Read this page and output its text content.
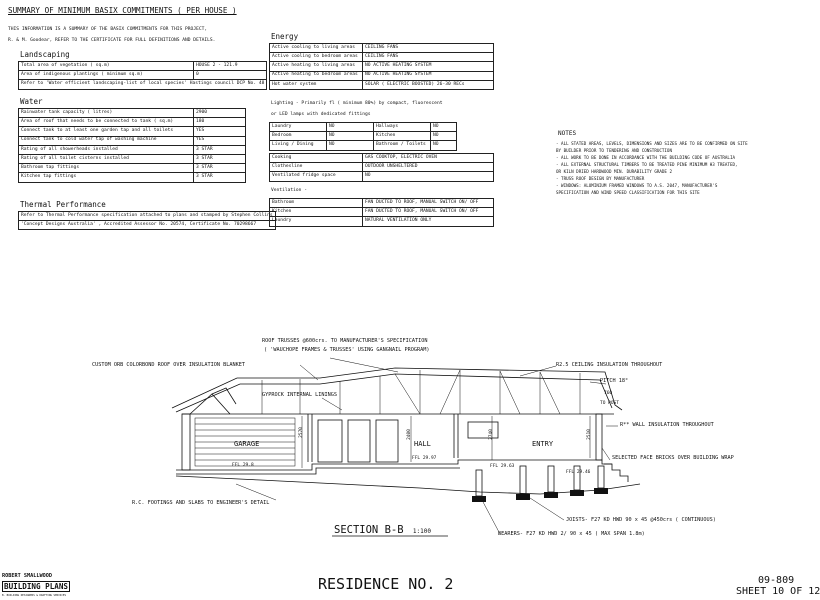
SUMMARY OF MINIMUM BASIX COMMITMENTS ( PER HOUSE )
THIS INFORMATION IS A SUMMARY OF THE BASIX COMMITMENTS FOR THIS PROJECT,
R. & M. Goodear, REFER TO THE CERTIFICATE FOR FULL DEFINITIONS AND DETAILS.
Landscaping
Total area of vegetation ( sq.m)	HOUSE 2 - 121.9
Area of indigenous plantings ( minimum sq.m)	0
Refer to 'Water efficient landscaping-list of local species' Hastings council DCP No. 48	
Water
Rainwater tank capacity ( litres)	2900
Area of roof that needs to be connected to tank ( sq.m)	180
Connect tank to at least one garden tap and all toilets	YES
Connect tank to cold water tap of washing machine	YES
Rating of all showerheads installed	3 STAR
Rating of all toilet cisterns installed	3 STAR
Bathroom tap fittings	3 STAR
Kitchen tap fittings	3 STAR
Thermal Performance
Refer to Thermal Performance specification attached to plans and stamped by Stephen Collins
'Concept Designs Australia' , Accredited Assessor No. 20574, Certificate No. 70298667
Energy
Active cooling to living areas	CEILING FANS
Active cooling to bedroom areas	CEILING FANS
Active heating to living areas	NO ACTIVE HEATING SYSTEM
Active heating to bedroom areas	NO ACTIVE HEATING SYSTEM
Hot water system	SOLAR ( ELECTRIC BOOSTED) 26-30 RECs
Lighting - Primarily fl ( minimum 80%) by compact, fluorescent
or LED lamps with dedicated fittings
Laundry	NO	Hallways	NO
Bedroom	NO	Kitchen	NO
Living / Dining	NO	Bathroom / Toilets	NO
Cooking	GAS COOKTOP, ELECTRIC OVEN
Clothesline	OUTDOOR UNSHELTERED
Ventilated fridge space	NO
Ventilation -
Bathroom	FAN DUCTED TO ROOF, MANUAL SWITCH ON/ OFF
Kitchen	FAN DUCTED TO ROOF, MANUAL SWITCH ON/ OFF
Laundry	NATURAL VENTILATION ONLY
NOTES
- ALL STATED AREAS, LEVELS, DIMENSIONS AND SIZES ARE TO BE CONFIRMED ON SITE
BY BUILDER PRIOR TO TENDERING AND CONSTRUCTION
- ALL WORK TO BE DONE IN ACCORDANCE WITH THE BUILDING CODE OF AUSTRALIA
- ALL EXTERNAL STRUCTURAL TIMBERS TO BE TREATED PINE MINIMUM H3 TREATED,
OR KILN DRIED HARDWOOD MIN. DURABILITY GRADE 2
- TRUSS ROOF DESIGN BY MANUFACTURER
- WINDOWS: ALUMINIUM FRAMED WINDOWS TO A.S. 2047, MANUFACTURER'S
SPECIFICATION AND WIND SPEED CLASSIFICATION FOR THIS SITE
ROOF TRUSSES @600crs. TO MANUFACTURER'S SPECIFICATION
( 'WAUCHOPE FRAMES & TRUSSES' USING GANGNAIL PROGRAM)
CUSTOM ORB COLORBOND ROOF OVER INSULATION BLANKET
GYPROCK INTERNAL LININGS
R2.5 CEILING INSULATION THROUGHOUT
PITCH 18°
760
TO POST
R** WALL INSULATION THROUGHOUT
SELECTED FACE BRICKS OVER BUILDING WRAP
R.C. FOOTINGS AND SLABS TO ENGINEER'S DETAIL
JOISTS- F27 KD HWD 90 x 45 @450crs ( CONTINUOUS)
BEARERS- F27 KD HWD 2/ 90 x 45 ( MAX SPAN 1.8m)
GARAGE	HALL	ENTRY
2570	2400	2740	2510
FFL 29.8
FFL 29.97
FFL 29.63
FFL 29.46
SECTION B-B 1:100
ROBERT SMALLWOOD
BUILDING PLANS
B. BUILDING DESIGNERS & DRAFTING SERVICES
RESIDENCE NO. 2	09-809
SHEET 10 OF 12
